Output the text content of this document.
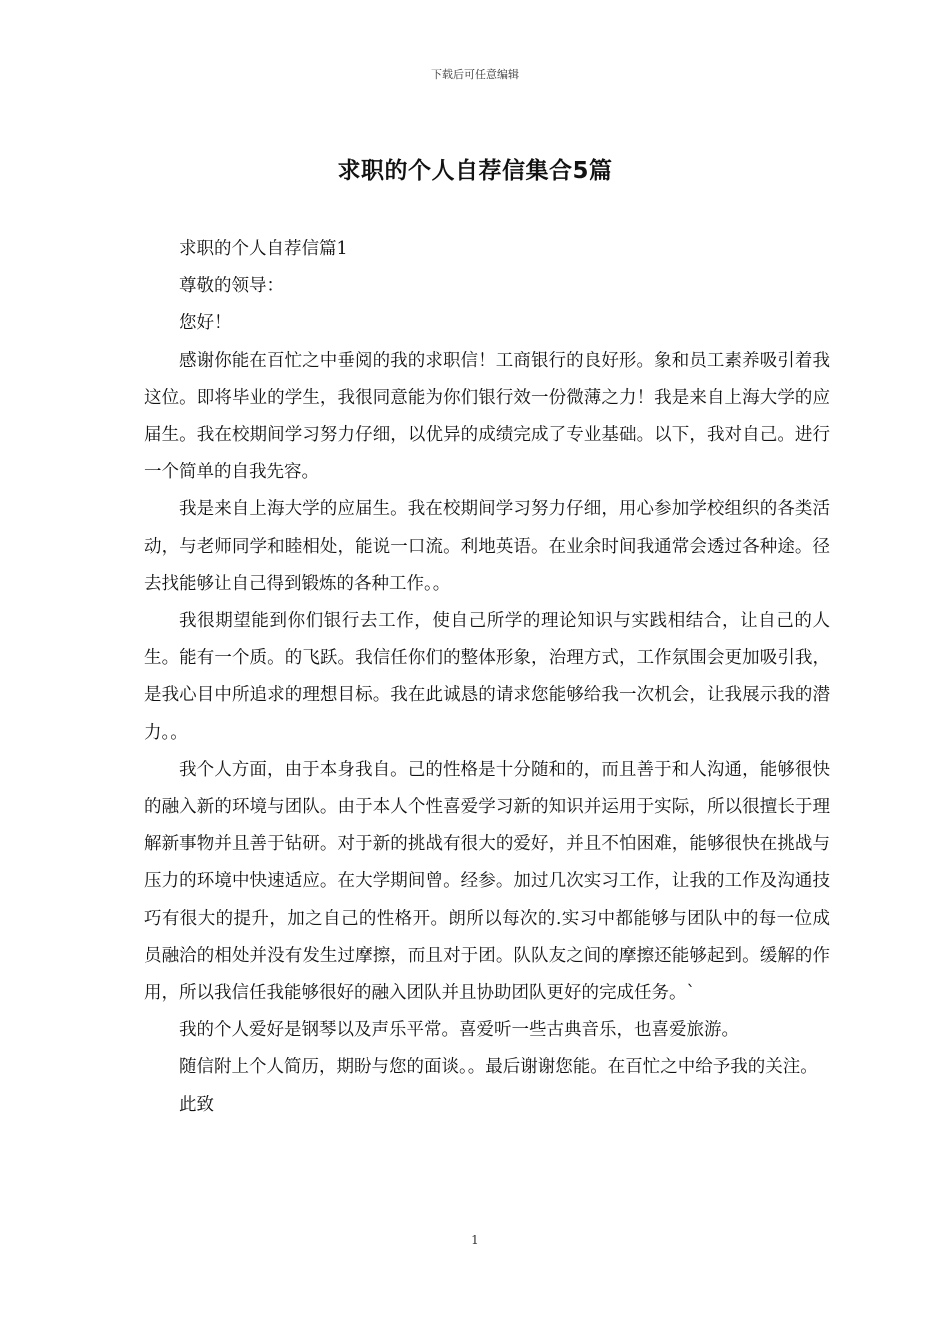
下载后可任意编辑
求职的个人自荐信集合5篇

求职的个人自荐信篇1

尊敬的领导：

您好！

感谢你能在百忙之中垂阅的我的求职信！工商银行的良好形。象和员工素养吸引着我这位。即将毕业的学生，我很同意能为你们银行效一份微薄之力！我是来自上海大学的应届生。我在校期间学习努力仔细，以优异的成绩完成了专业基础。以下，我对自己。进行一个简单的自我先容。

我是来自上海大学的应届生。我在校期间学习努力仔细，用心参加学校组织的各类活动，与老师同学和睦相处，能说一口流。利地英语。在业余时间我通常会透过各种途。径去找能够让自己得到锻炼的各种工作。。

我很期望能到你们银行去工作，使自己所学的理论知识与实践相结合，让自己的人生。能有一个质。的飞跃。我信任你们的整体形象，治理方式，工作氛围会更加吸引我，是我心目中所追求的理想目标。我在此诚恳的请求您能够给我一次机会，让我展示我的潜力。。

我个人方面，由于本身我自。己的性格是十分随和的，而且善于和人沟通，能够很快的融入新的环境与团队。由于本人个性喜爱学习新的知识并运用于实际，所以很擅长于理解新事物并且善于钻研。对于新的挑战有很大的爱好，并且不怕困难，能够很快在挑战与压力的环境中快速适应。在大学期间曾。经参。加过几次实习工作，让我的工作及沟通技巧有很大的提升，加之自己的性格开。朗所以每次的.实习中都能够与团队中的每一位成员融洽的相处并没有发生过摩擦，而且对于团。队队友之间的摩擦还能够起到。缓解的作用，所以我信任我能够很好的融入团队并且协助团队更好的完成任务。`

我的个人爱好是钢琴以及声乐平常。喜爱听一些古典音乐，也喜爱旅游。

随信附上个人简历，期盼与您的面谈。。最后谢谢您能。在百忙之中给予我的关注。

此致

1
